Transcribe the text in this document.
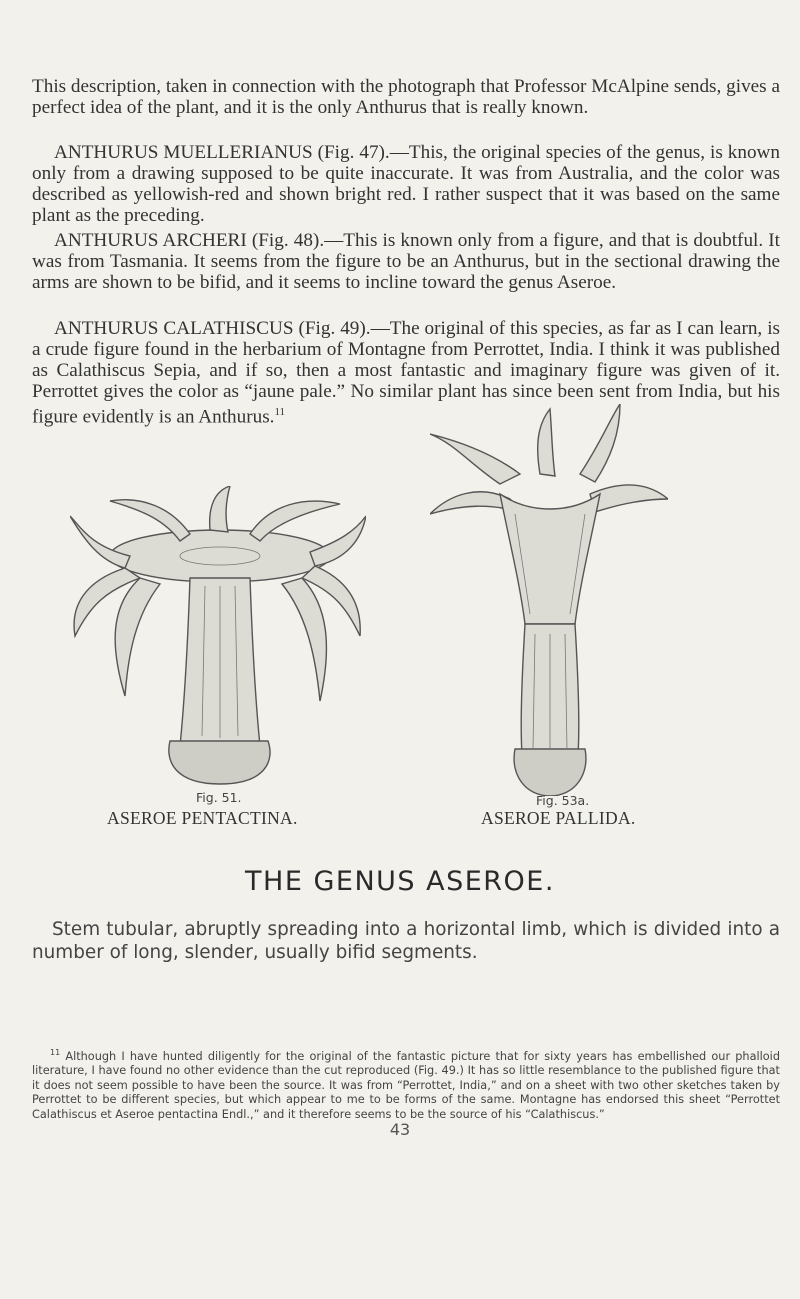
This description, taken in connection with the photograph that Professor McAlpine sends, gives a perfect idea of the plant, and it is the only Anthurus that is really known.

ANTHURUS MUELLERIANUS (Fig. 47).—This, the original species of the genus, is known only from a drawing supposed to be quite inaccurate. It was from Australia, and the color was described as yellowish-red and shown bright red. I rather suspect that it was based on the same plant as the preceding.

ANTHURUS ARCHERI (Fig. 48).—This is known only from a figure, and that is doubtful. It was from Tasmania. It seems from the figure to be an Anthurus, but in the sectional drawing the arms are shown to be bifid, and it seems to incline toward the genus Aseroe.

ANTHURUS CALATHISCUS (Fig. 49).—The original of this species, as far as I can learn, is a crude figure found in the herbarium of Montagne from Perrottet, India. I think it was published as Calathiscus Sepia, and if so, then a most fantastic and imaginary figure was given of it. Perrottet gives the color as “jaune pale.” No similar plant has since been sent from India, but his figure evidently is an Anthurus.$^{11}$

Fig. 51.	Fig. 53a.
ASEROE PENTACTINA.	ASEROE PALLIDA.
THE GENUS ASEROE.

Stem tubular, abruptly spreading into a horizontal limb, which is divided into a number of long, slender, usually bifid segments.

$^{11}$ Although I have hunted diligently for the original of the fantastic picture that for sixty years has embellished our phalloid literature, I have found no other evidence than the cut reproduced (Fig. 49.) It has so little resemblance to the published figure that it does not seem possible to have been the source. It was from “Perrottet, India,” and on a sheet with two other sketches taken by Perrottet to be different species, but which appear to me to be forms of the same. Montagne has endorsed this sheet “Perrottet Calathiscus et Aseroe pentactina Endl.,” and it therefore seems to be the source of his “Calathiscus.”

43
